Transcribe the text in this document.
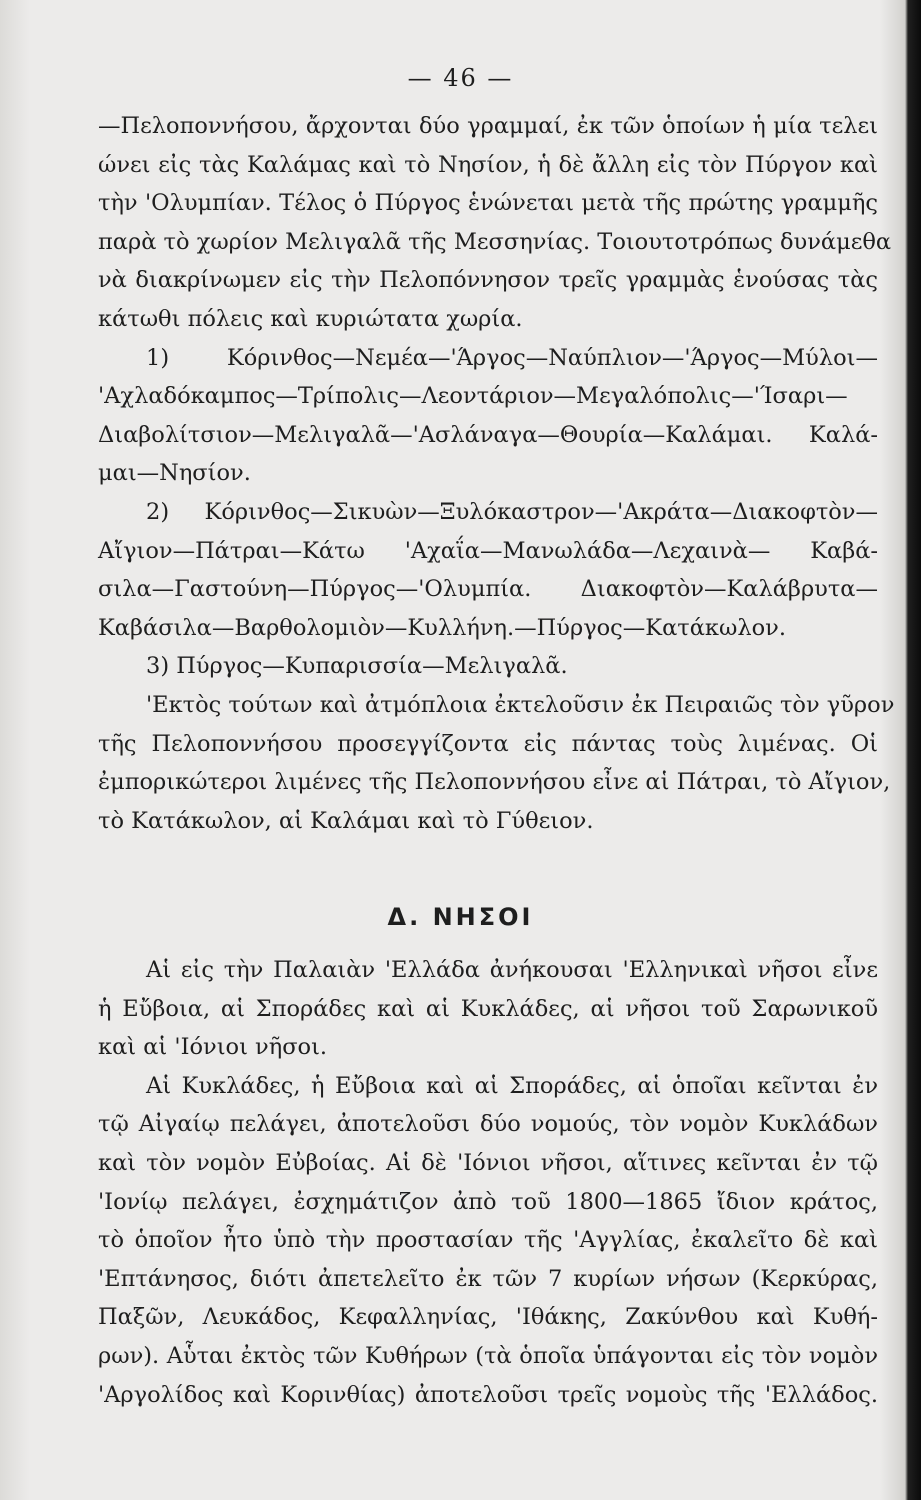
— 46 —
—Πελοποννήσου, ἄρχονται δύο γραμμαί, ἐκ τῶν ὁποίων ἡ μία τελει
ώνει εἰς τὰς Καλάμας καὶ τὸ Νησίον, ἡ δὲ ἄλλη εἰς τὸν Πύργον καὶ
τὴν 'Ολυμπίαν. Τέλος ὁ Πύργος ἑνώνεται μετὰ τῆς πρώτης γραμμῆς
παρὰ τὸ χωρίον Μελιγαλᾶ τῆς Μεσσηνίας. Τοιουτοτρόπως δυνάμεθα
νὰ διακρίνωμεν εἰς τὴν Πελοπόννησον τρεῖς γραμμὰς ἑνούσας τὰς
κάτωθι πόλεις καὶ κυριώτατα χωρία.
1) Κόρινθος—Νεμέα—'Άργος—Ναύπλιον—'Άργος—Μύλοι—
'Αχλαδόκαμπος—Τρίπολις—Λεοντάριον—Μεγαλόπολις—'Ίσαρι—
Διαβολίτσιον—Μελιγαλᾶ—'Ασλάναγα—Θουρία—Καλάμαι. Καλά-
μαι—Νησίον.
2) Κόρινθος—Σικυὼν—Ξυλόκαστρον—'Ακράτα—Διακοφτὸν—
Αἴγιον—Πάτραι—Κάτω 'Αχαΐα—Μανωλάδα—Λεχαινὰ— Καβά-
σιλα—Γαστούνη—Πύργος—'Ολυμπία. Διακοφτὸν—Καλάβρυτα—
Καβάσιλα—Βαρθολομιὸν—Κυλλήνη.—Πύργος—Κατάκωλον.
3) Πύργος—Κυπαρισσία—Μελιγαλᾶ.
'Εκτὸς τούτων καὶ ἀτμόπλοια ἐκτελοῦσιν ἐκ Πειραιῶς τὸν γῦρον
τῆς Πελοποννήσου προσεγγίζοντα εἰς πάντας τοὺς λιμένας. Οἱ
ἐμπορικώτεροι λιμένες τῆς Πελοποννήσου εἶνε αἱ Πάτραι, τὸ Αἴγιον,
τὸ Κατάκωλον, αἱ Καλάμαι καὶ τὸ Γύθειον.
Δ. ΝΗΣΟΙ
Αἱ εἰς τὴν Παλαιὰν 'Ελλάδα ἀνήκουσαι 'Ελληνικαὶ νῆσοι εἶνε
ἡ Εὔβοια, αἱ Σποράδες καὶ αἱ Κυκλάδες, αἱ νῆσοι τοῦ Σαρωνικοῦ
καὶ αἱ 'Ιόνιοι νῆσοι.
Αἱ Κυκλάδες, ἡ Εὔβοια καὶ αἱ Σποράδες, αἱ ὁποῖαι κεῖνται ἐν
τῷ Αἰγαίῳ πελάγει, ἀποτελοῦσι δύο νομούς, τὸν νομὸν Κυκλάδων
καὶ τὸν νομὸν Εὐβοίας. Αἱ δὲ 'Ιόνιοι νῆσοι, αἵτινες κεῖνται ἐν τῷ
'Ιονίῳ πελάγει, ἐσχημάτιζον ἀπὸ τοῦ 1800—1865 ἴδιον κράτος,
τὸ ὁποῖον ἦτο ὑπὸ τὴν προστασίαν τῆς 'Αγγλίας, ἐκαλεῖτο δὲ καὶ
'Επτάνησος, διότι ἀπετελεῖτο ἐκ τῶν 7 κυρίων νήσων (Κερκύρας,
Παξῶν, Λευκάδος, Κεφαλληνίας, 'Ιθάκης, Ζακύνθου καὶ Κυθή-
ρων). Αὗται ἐκτὸς τῶν Κυθήρων (τὰ ὁποῖα ὑπάγονται εἰς τὸν νομὸν
'Αργολίδος καὶ Κορινθίας) ἀποτελοῦσι τρεῖς νομοὺς τῆς 'Ελλάδος.
